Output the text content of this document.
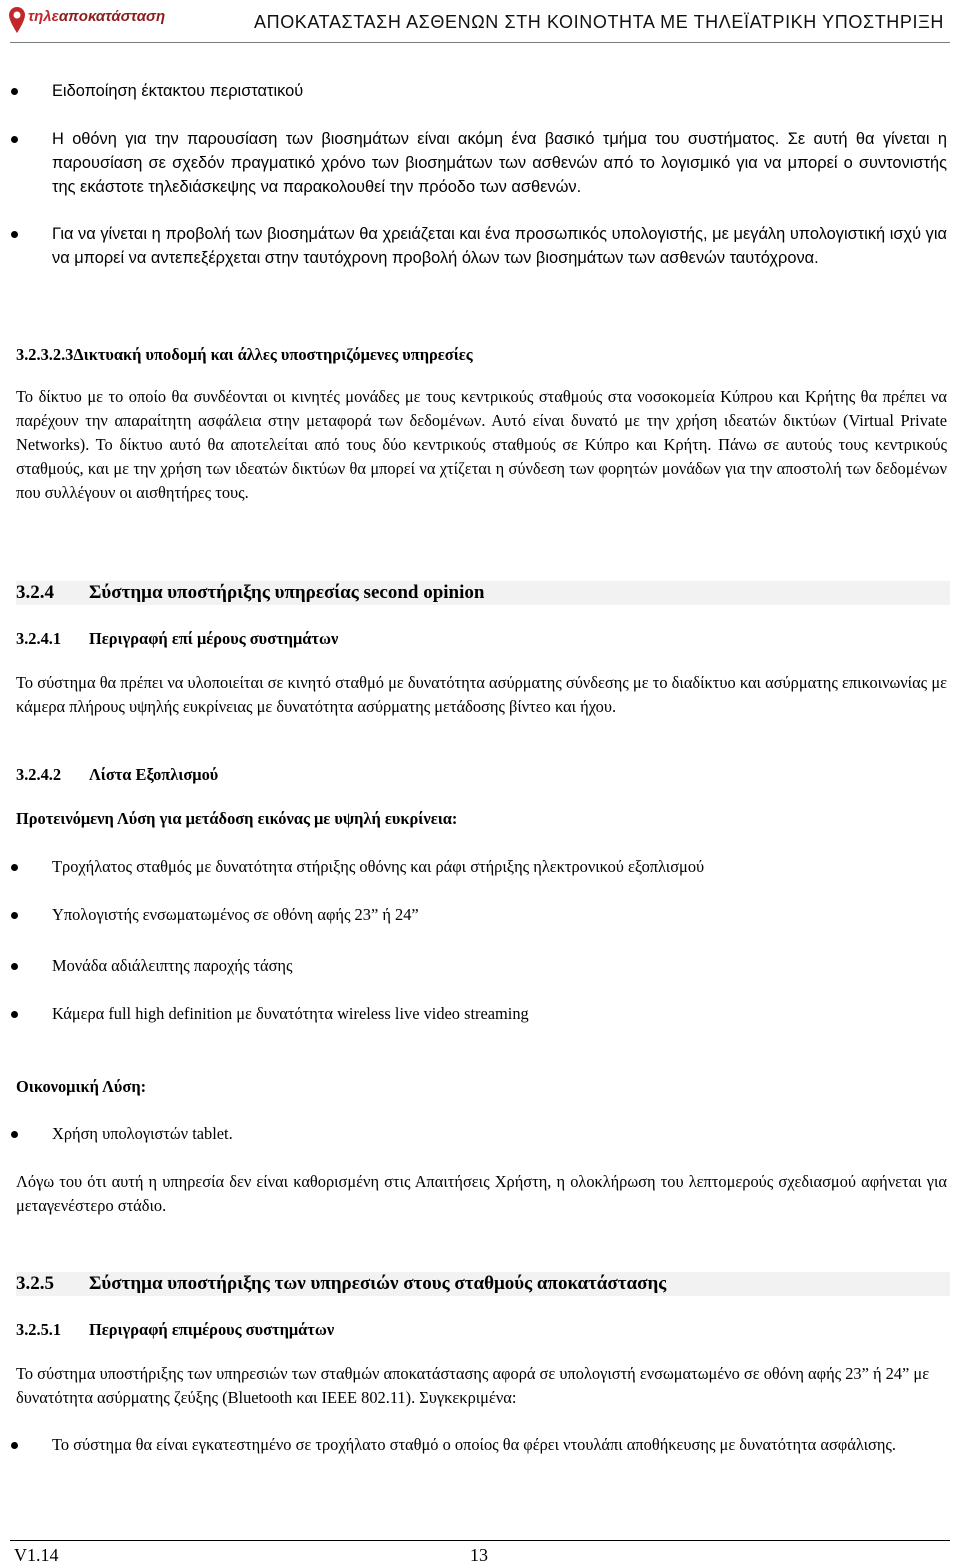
τηλεαποκατάσταση	ΑΠΟΚΑΤΑΣΤΑΣΗ ΑΣΘΕΝΩΝ ΣΤΗ ΚΟΙΝΟΤΗΤΑ ΜΕ ΤΗΛΕΪΑΤΡΙΚΗ ΥΠΟΣΤΗΡΙΞΗ
Ειδοποίηση έκτακτου περιστατικού
Η οθόνη για την παρουσίαση των βιοσημάτων είναι ακόμη ένα βασικό τμήμα του συστήματος. Σε αυτή θα γίνεται η παρουσίαση σε σχεδόν πραγματικό χρόνο των βιοσημάτων των ασθενών από το λογισμικό για να μπορεί ο συντονιστής της εκάστοτε τηλεδιάσκεψης να παρακολουθεί την πρόοδο των ασθενών.
Για να γίνεται η προβολή των βιοσημάτων θα χρειάζεται και ένα προσωπικός υπολογιστής, με μεγάλη υπολογιστική ισχύ για να μπορεί να αντεπεξέρχεται στην ταυτόχρονη προβολή όλων των βιοσημάτων των ασθενών ταυτόχρονα.
3.2.3.2.3Δικτυακή υποδομή και άλλες υποστηριζόμενες υπηρεσίες
Το δίκτυο με το οποίο θα συνδέονται οι κινητές μονάδες με τους κεντρικούς σταθμούς στα νοσοκομεία Κύπρου και Κρήτης θα πρέπει να παρέχουν την απαραίτητη ασφάλεια στην μεταφορά των δεδομένων. Αυτό είναι δυνατό με την χρήση ιδεατών δικτύων (Virtual Private Networks). Το δίκτυο αυτό θα αποτελείται από τους δύο κεντρικούς σταθμούς σε Κύπρο και Κρήτη. Πάνω σε αυτούς τους κεντρικούς σταθμούς, και με την χρήση των ιδεατών δικτύων θα μπορεί να χτίζεται η σύνδεση των φορητών μονάδων για την αποστολή των δεδομένων που συλλέγουν οι αισθητήρες τους.
3.2.4 Σύστημα υποστήριξης υπηρεσίας second opinion
3.2.4.1 Περιγραφή επί μέρους συστημάτων
Το σύστημα θα πρέπει να υλοποιείται σε κινητό σταθμό με δυνατότητα ασύρματης σύνδεσης με το διαδίκτυο και ασύρματης επικοινωνίας με κάμερα πλήρους υψηλής ευκρίνειας με δυνατότητα ασύρματης μετάδοσης βίντεο και ήχου.
3.2.4.2 Λίστα Εξοπλισμού
Προτεινόμενη Λύση για μετάδοση εικόνας με υψηλή ευκρίνεια:
Τροχήλατος σταθμός με δυνατότητα στήριξης οθόνης και ράφι στήριξης ηλεκτρονικού εξοπλισμού
Υπολογιστής ενσωματωμένος σε οθόνη αφής 23” ή 24”
Μονάδα αδιάλειπτης παροχής τάσης
Κάμερα full high definition με δυνατότητα wireless live video streaming
Οικονομική Λύση:
Χρήση υπολογιστών tablet.
Λόγω του ότι αυτή η υπηρεσία δεν είναι καθορισμένη στις Απαιτήσεις Χρήστη, η ολοκλήρωση του λεπτομερούς σχεδιασμού αφήνεται για μεταγενέστερο στάδιο.
3.2.5 Σύστημα υποστήριξης των υπηρεσιών στους σταθμούς αποκατάστασης
3.2.5.1 Περιγραφή επιμέρους συστημάτων
Το σύστημα υποστήριξης των υπηρεσιών των σταθμών αποκατάστασης αφορά σε υπολογιστή ενσωματωμένο σε οθόνη αφής 23” ή 24” με δυνατότητα ασύρματης ζεύξης (Bluetooth και IEEE 802.11). Συγκεκριμένα:
Το σύστημα θα είναι εγκατεστημένο σε τροχήλατο σταθμό ο οποίος θα φέρει ντουλάπι αποθήκευσης με δυνατότητα ασφάλισης.
V1.14	13
